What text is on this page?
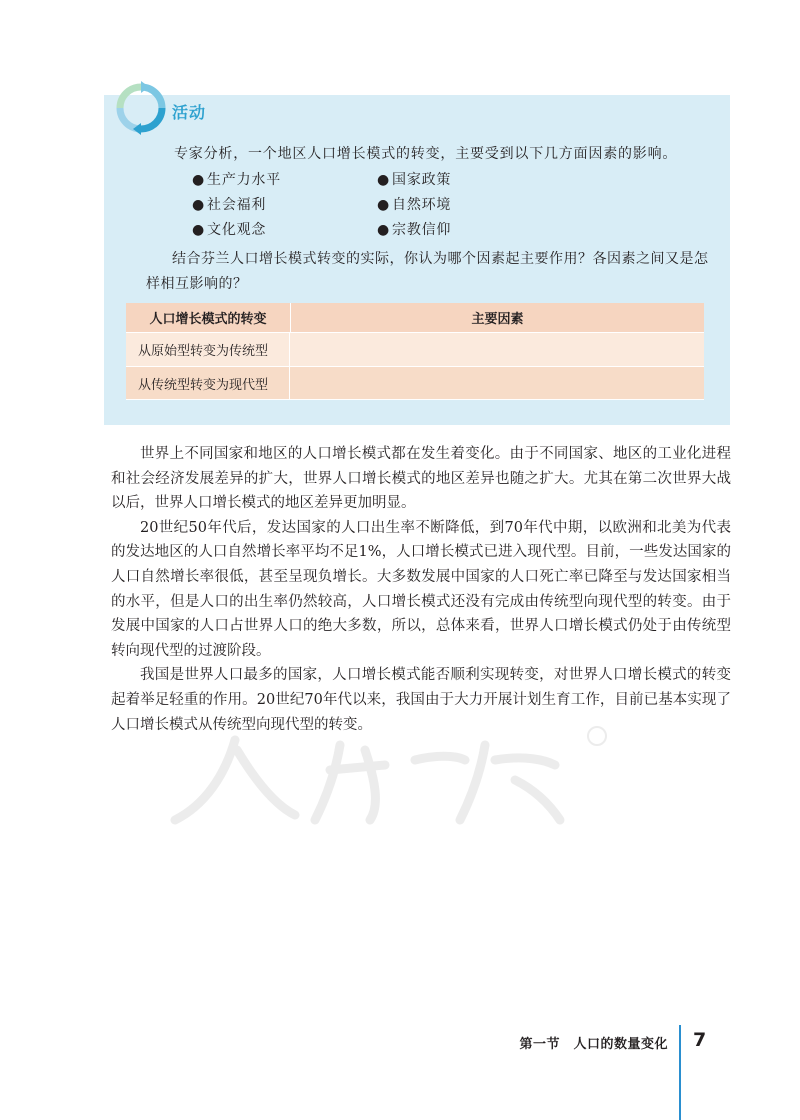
活动
专家分析，一个地区人口增长模式的转变，主要受到以下几方面因素的影响。
● 生产力水平	● 国家政策
● 社会福利	● 自然环境
● 文化观念	● 宗教信仰
结合芬兰人口增长模式转变的实际，你认为哪个因素起主要作用？各因素之间又是怎样相互影响的？
人口增长模式的转变	主要因素
从原始型转变为传统型
从传统型转变为现代型

世界上不同国家和地区的人口增长模式都在发生着变化。由于不同国家、地区的工业化进程和社会经济发展差异的扩大，世界人口增长模式的地区差异也随之扩大。尤其在第二次世界大战以后，世界人口增长模式的地区差异更加明显。

20世纪50年代后，发达国家的人口出生率不断降低，到70年代中期，以欧洲和北美为代表的发达地区的人口自然增长率平均不足1%，人口增长模式已进入现代型。目前，一些发达国家的人口自然增长率很低，甚至呈现负增长。大多数发展中国家的人口死亡率已降至与发达国家相当的水平，但是人口的出生率仍然较高，人口增长模式还没有完成由传统型向现代型的转变。由于发展中国家的人口占世界人口的绝大多数，所以，总体来看，世界人口增长模式仍处于由传统型转向现代型的过渡阶段。

我国是世界人口最多的国家，人口增长模式能否顺利实现转变，对世界人口增长模式的转变起着举足轻重的作用。20世纪70年代以来，我国由于大力开展计划生育工作，目前已基本实现了人口增长模式从传统型向现代型的转变。

第一节　人口的数量变化 7
